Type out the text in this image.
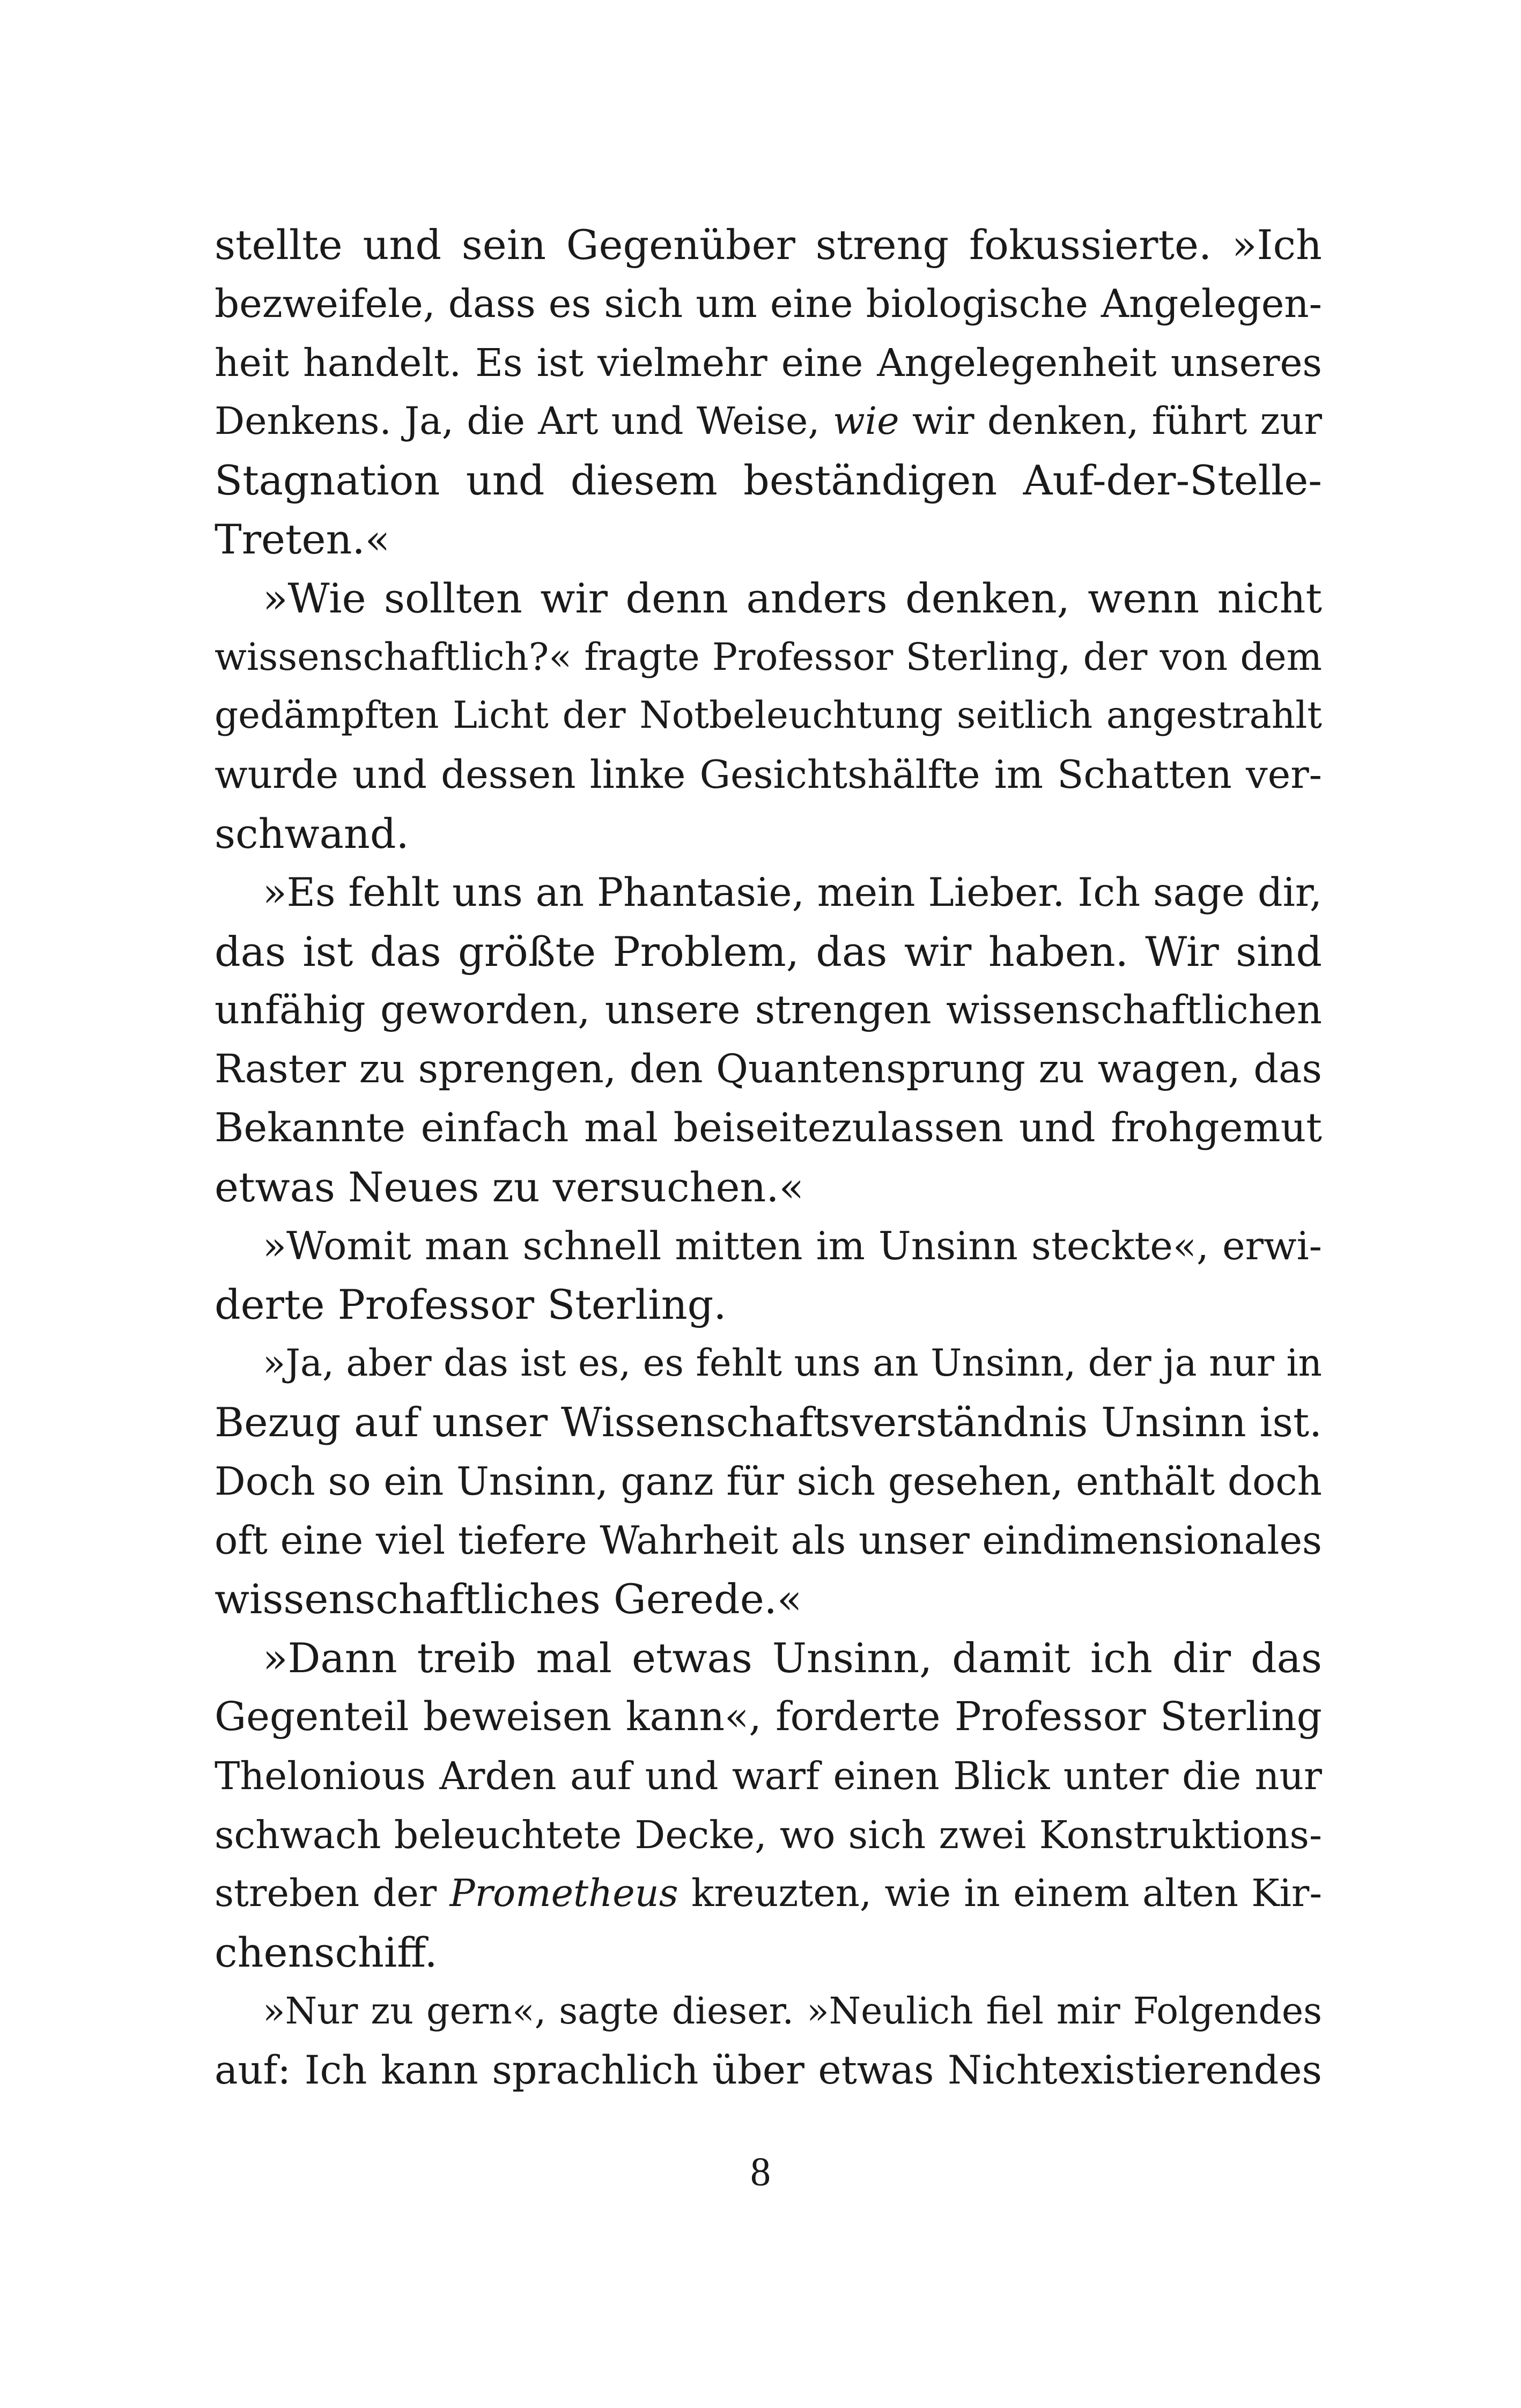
stellte und sein Gegenüber streng fokussierte. »Ich
bezweifele, dass es sich um eine biologische Angelegen-
heit handelt. Es ist vielmehr eine Angelegenheit unseres
Denkens. Ja, die Art und Weise, wie wir denken, führt zur
Stagnation und diesem beständigen Auf-der-Stelle-
Treten.«
»Wie sollten wir denn anders denken, wenn nicht
wissenschaftlich?« fragte Professor Sterling, der von dem
gedämpften Licht der Notbeleuchtung seitlich angestrahlt
wurde und dessen linke Gesichtshälfte im Schatten ver-
schwand.
»Es fehlt uns an Phantasie, mein Lieber. Ich sage dir,
das ist das größte Problem, das wir haben. Wir sind
unfähig geworden, unsere strengen wissenschaftlichen
Raster zu sprengen, den Quantensprung zu wagen, das
Bekannte einfach mal beiseitezulassen und frohgemut
etwas Neues zu versuchen.«
»Womit man schnell mitten im Unsinn steckte«, erwi-
derte Professor Sterling.
»Ja, aber das ist es, es fehlt uns an Unsinn, der ja nur in
Bezug auf unser Wissenschaftsverständnis Unsinn ist.
Doch so ein Unsinn, ganz für sich gesehen, enthält doch
oft eine viel tiefere Wahrheit als unser eindimensionales
wissenschaftliches Gerede.«
»Dann treib mal etwas Unsinn, damit ich dir das
Gegenteil beweisen kann«, forderte Professor Sterling
Thelonious Arden auf und warf einen Blick unter die nur
schwach beleuchtete Decke, wo sich zwei Konstruktions-
streben der Prometheus kreuzten, wie in einem alten Kir-
chenschiff.
»Nur zu gern«, sagte dieser. »Neulich fiel mir Folgendes
auf: Ich kann sprachlich über etwas Nichtexistierendes
8
